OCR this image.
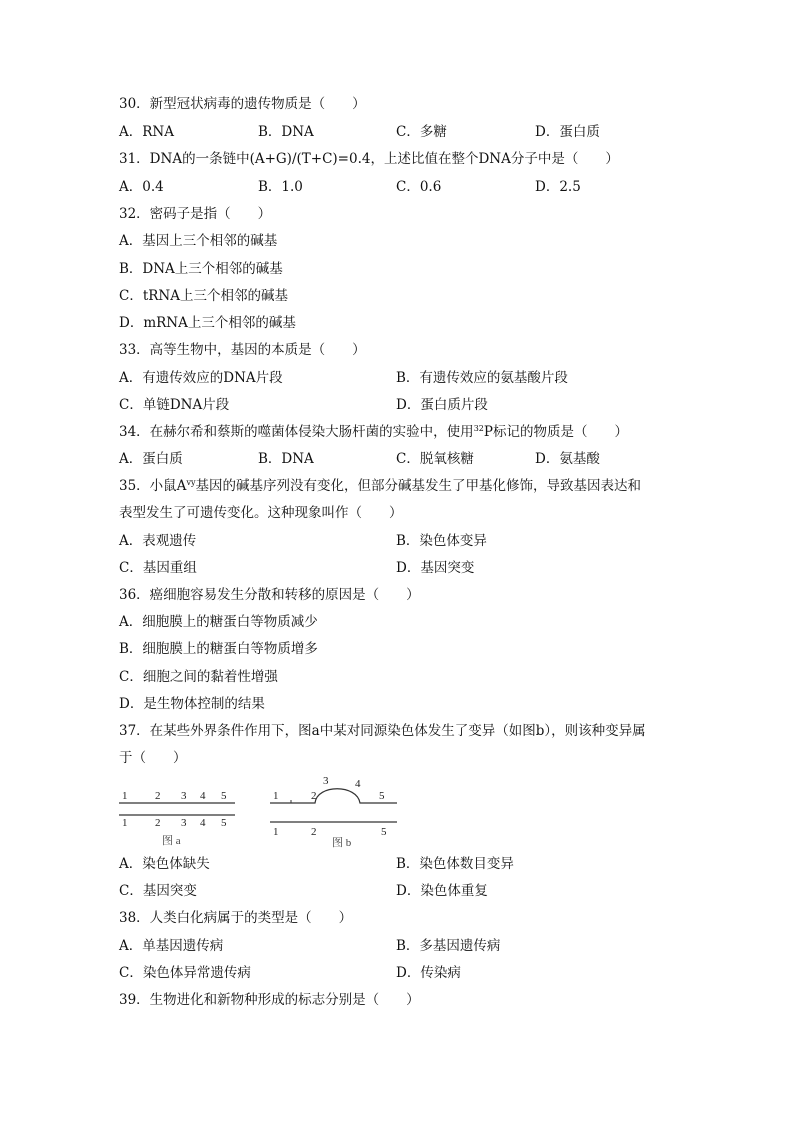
30．新型冠状病毒的遗传物质是（　　）
A．RNA	B．DNA	C．多糖	D．蛋白质
31．DNA的一条链中(A+G)/(T+C)=0.4，上述比值在整个DNA分子中是（　　）
A．0.4	B．1.0	C．0.6	D．2.5
32．密码子是指（　　）
A．基因上三个相邻的碱基
B．DNA上三个相邻的碱基
C．tRNA上三个相邻的碱基
D．mRNA上三个相邻的碱基
33．高等生物中，基因的本质是（　　）
A．有遗传效应的DNA片段	B．有遗传效应的氨基酸片段
C．单链DNA片段	D．蛋白质片段
34．在赫尔希和蔡斯的噬菌体侵染大肠杆菌的实验中，使用$^{32}$P标记的物质是（　　）
A．蛋白质	B．DNA	C．脱氧核糖	D．氨基酸
35．小鼠$A^{vy}$基因的碱基序列没有变化，但部分碱基发生了甲基化修饰，导致基因表达和
表型发生了可遗传变化。这种现象叫作（　　）
A．表观遗传	B．染色体变异
C．基因重组	D．基因突变
36．癌细胞容易发生分散和转移的原因是（　　）
A．细胞膜上的糖蛋白等物质减少
B．细胞膜上的糖蛋白等物质增多
C．细胞之间的黏着性增强
D．是生物体控制的结果
37．在某些外界条件作用下，图a中某对同源染色体发生了变异（如图b），则该种变异属
于（　　）
1	2 3 4 5
1	2 3 4 5
图 a
1	2
3 4
5
1	2	5
图 b
A．染色体缺失	B．染色体数目变异
C．基因突变	D．染色体重复
38．人类白化病属于的类型是（　　）
A．单基因遗传病	B．多基因遗传病
C．染色体异常遗传病	D．传染病
39．生物进化和新物种形成的标志分别是（　　）
